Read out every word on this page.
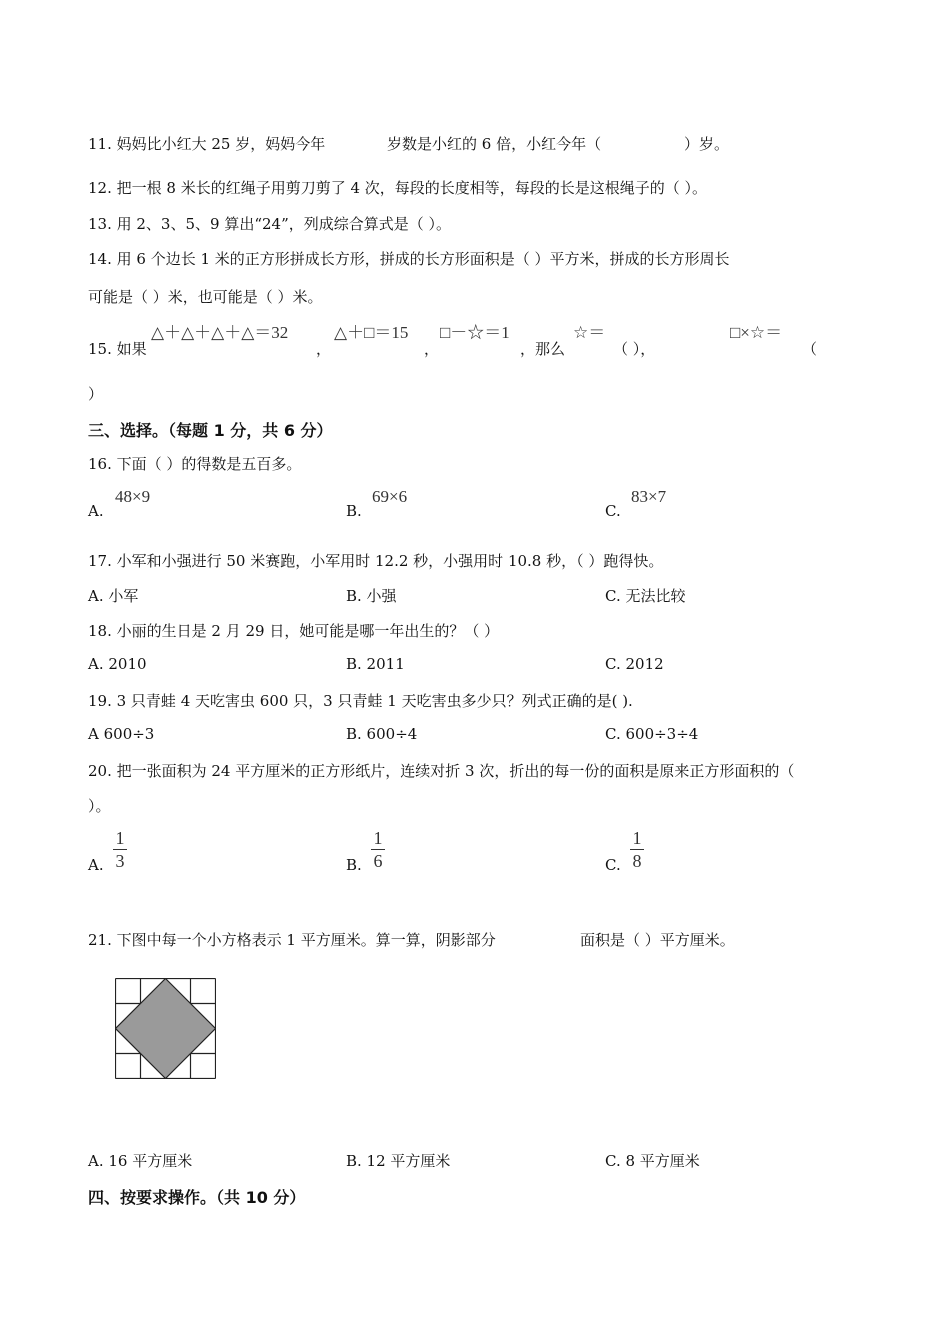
11. 妈妈比小红大 25 岁，妈妈今年	岁数是小红的 6 倍，小红今年（	）岁。
12. 把一根 8 米长的红绳子用剪刀剪了 4 次，每段的长度相等，每段的长是这根绳子的（ ）。
13. 用 2、3、5、9 算出“24”，列成综合算式是（ ）。
14. 用 6 个边长 1 米的正方形拼成长方形，拼成的长方形面积是（ ）平方米，拼成的长方形周长
可能是（ ）米，也可能是（ ）米。
15. 如果
△＋△＋△＋△＝32
，
△＋□＝15
，
□－☆＝1
，那么
☆＝
（ ），
□×☆＝
（
）
三、选择。（每题 1 分，共 6 分）
16. 下面（ ）的得数是五百多。
A.
48×9
B.
69×6
C.
83×7
17. 小军和小强进行 50 米赛跑，小军用时 12.2 秒，小强用时 10.8 秒，（ ）跑得快。
A. 小军	B. 小强	C. 无法比较
18. 小丽的生日是 2 月 29 日，她可能是哪一年出生的？（ ）
A. 2010	B. 2011	C. 2012
19. 3 只青蛙 4 天吃害虫 600 只，3 只青蛙 1 天吃害虫多少只？列式正确的是( ).
A 600÷3	B. 600÷4	C. 600÷3÷4
20. 把一张面积为 24 平方厘米的正方形纸片，连续对折 3 次，折出的每一份的面积是原来正方形面积的（
）。
A.
1
3	B.
1
6	C.
1
8
21. 下图中每一个小方格表示 1 平方厘米。算一算，阴影部分	面积是（ ）平方厘米。
A. 16 平方厘米	B. 12 平方厘米	C. 8 平方厘米
四、按要求操作。（共 10 分）
